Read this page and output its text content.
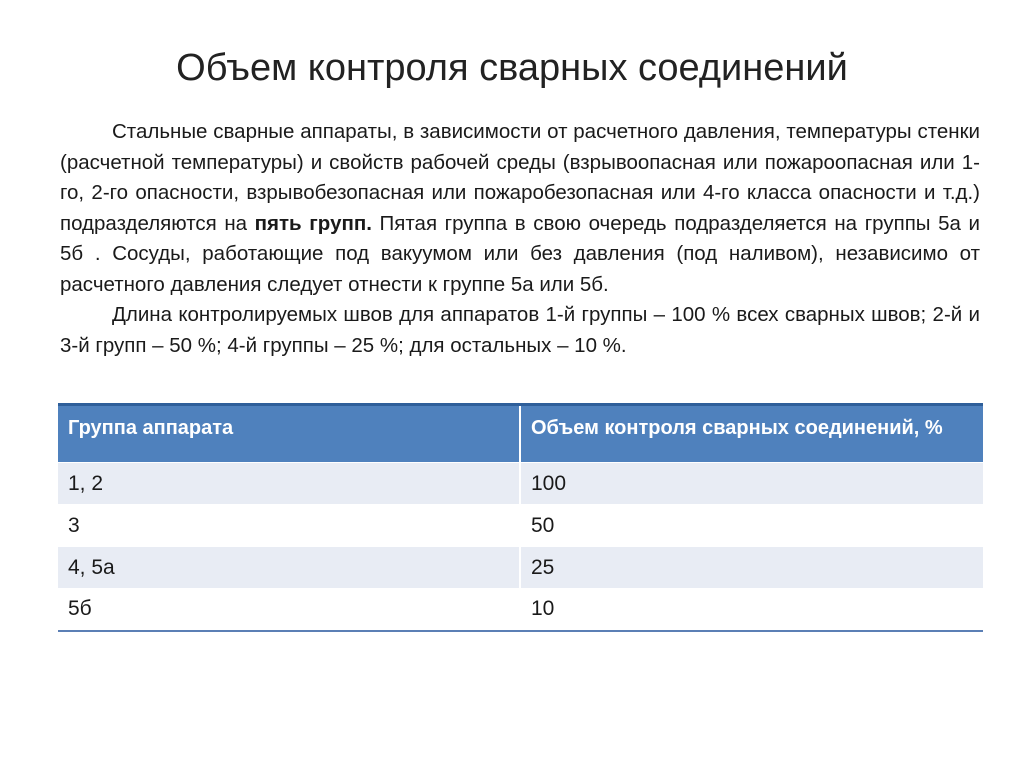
Объем контроля сварных соединений

Стальные сварные аппараты, в зависимости от расчетного давления, температуры стенки (расчетной температуры) и свойств рабочей среды (взрывоопасная или пожароопасная или 1-го, 2-го опасности, взрывобезопасная или пожаробезопасная или 4-го класса опасности и т.д.) подразделяются на пять групп. Пятая группа в свою очередь подразделяется на группы 5а и 5б . Сосуды, работающие под вакуумом или без давления (под наливом), независимо от расчетного давления следует отнести к группе 5а или 5б.

Длина контролируемых швов для аппаратов 1-й группы – 100 % всех сварных швов; 2-й и 3-й групп – 50 %; 4-й группы – 25 %; для остальных – 10 %.

Группа аппарата	Объем контроля сварных соединений, %
1, 2	100
3	50
4, 5а	25
5б	10
